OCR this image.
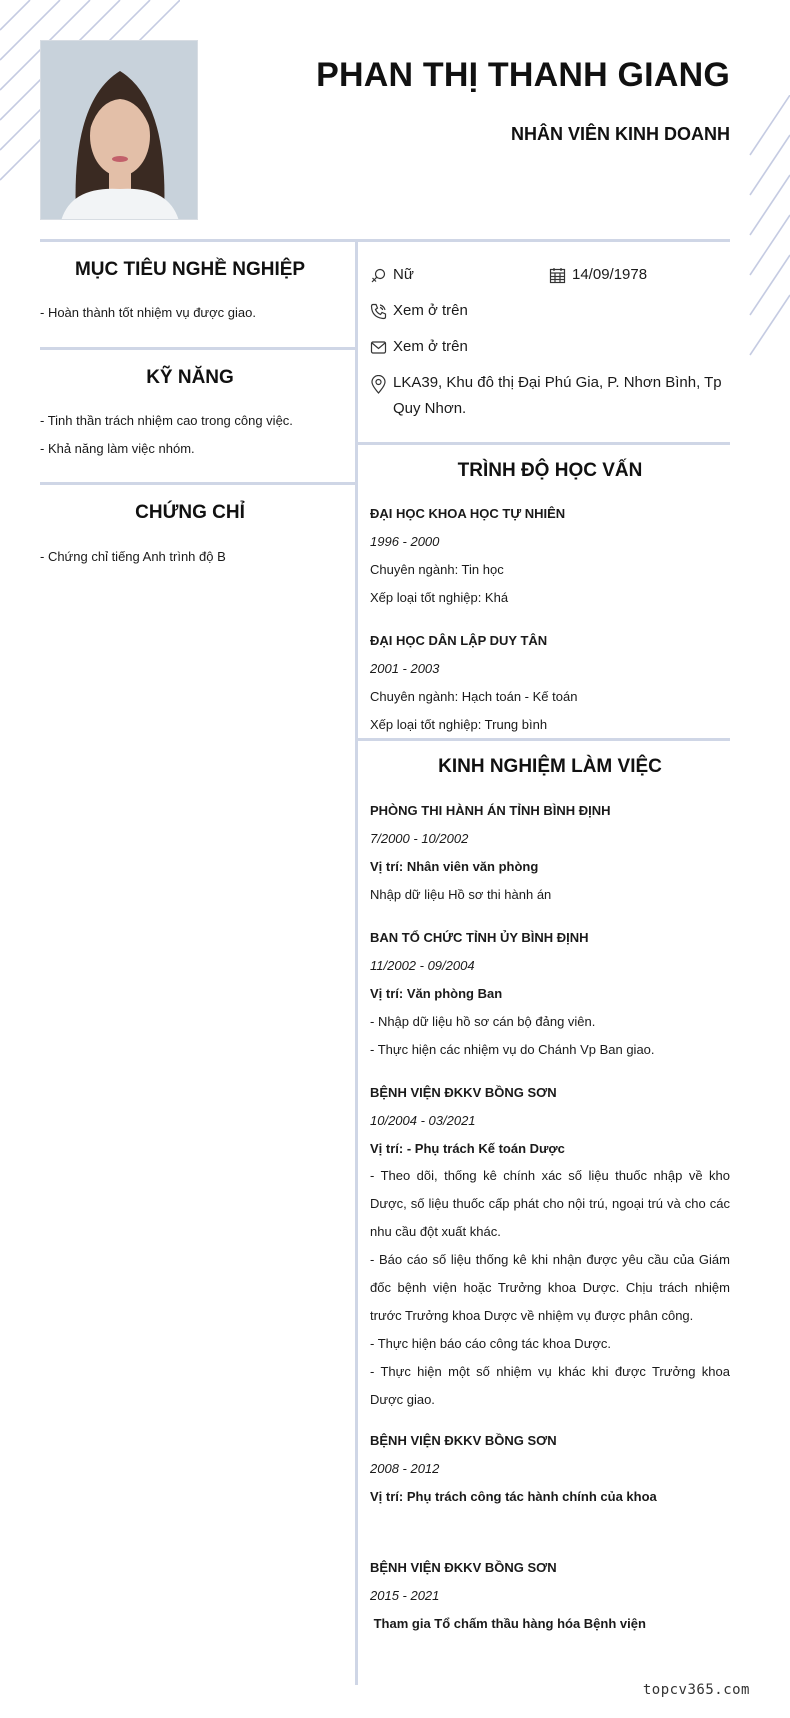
PHAN THỊ THANH GIANG
NHÂN VIÊN KINH DOANH
MỤC TIÊU NGHỀ NGHIỆP
- Hoàn thành tốt nhiệm vụ được giao.
KỸ NĂNG
- Tinh thần trách nhiệm cao trong công việc.
- Khả năng làm việc nhóm.
CHỨNG CHỈ
- Chứng chỉ tiếng Anh trình độ B
Nữ	14/09/1978
Xem ở trên
Xem ở trên
LKA39, Khu đô thị Đại Phú Gia, P. Nhơn Bình, Tp
Quy Nhơn.
TRÌNH ĐỘ HỌC VẤN
ĐẠI HỌC KHOA HỌC TỰ NHIÊN
1996 - 2000
Chuyên ngành: Tin học
Xếp loại tốt nghiệp: Khá
ĐẠI HỌC DÂN LẬP DUY TÂN
2001 - 2003
Chuyên ngành: Hạch toán - Kế toán
Xếp loại tốt nghiệp: Trung bình
KINH NGHIỆM LÀM VIỆC
PHÒNG THI HÀNH ÁN TỈNH BÌNH ĐỊNH
7/2000 - 10/2002
Vị trí: Nhân viên văn phòng
Nhập dữ liệu Hồ sơ thi hành án
BAN TỔ CHỨC TỈNH ỦY BÌNH ĐỊNH
11/2002 - 09/2004
Vị trí: Văn phòng Ban
- Nhập dữ liệu hồ sơ cán bộ đảng viên.
- Thực hiện các nhiệm vụ do Chánh Vp Ban giao.
BỆNH VIỆN ĐKKV BỒNG SƠN
10/2004 - 03/2021
Vị trí: - Phụ trách Kế toán Dược
- Theo dõi, thống kê chính xác số liệu thuốc nhập về kho Dược, số liệu thuốc cấp phát cho nội trú, ngoại trú và cho các nhu cầu đột xuất khác.
- Báo cáo số liệu thống kê khi nhận được yêu cầu của Giám đốc bệnh viện hoặc Trưởng khoa Dược. Chịu trách nhiệm trước Trưởng khoa Dược về nhiệm vụ được phân công.
- Thực hiện báo cáo công tác khoa Dược.
- Thực hiện một số nhiệm vụ khác khi được Trưởng khoa Dược giao.
BỆNH VIỆN ĐKKV BỒNG SƠN
2008 - 2012
Vị trí: Phụ trách công tác hành chính của khoa
BỆNH VIỆN ĐKKV BỒNG SƠN
2015 - 2021
Tham gia Tổ chấm thầu hàng hóa Bệnh viện
topcv365.com
